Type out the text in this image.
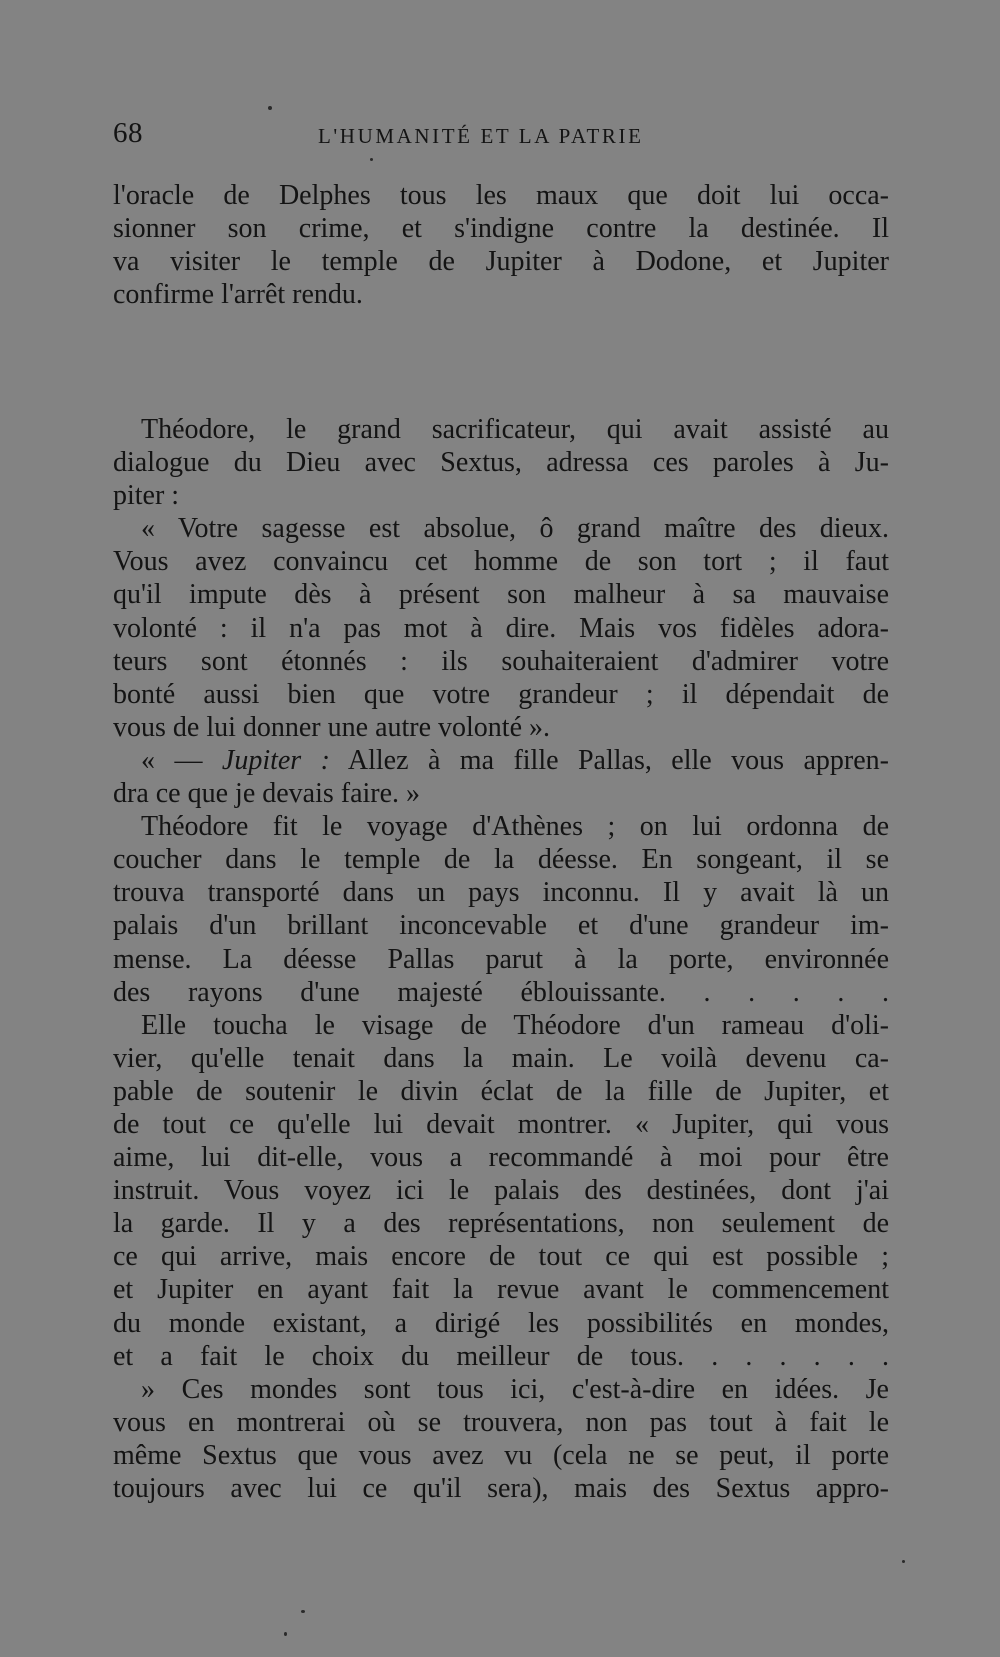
68	L'HUMANITÉ ET LA PATRIE
l'oracle de Delphes tous les maux que doit lui occa-
sionner son crime, et s'indigne contre la destinée. Il
va visiter le temple de Jupiter à Dodone, et Jupiter
confirme l'arrêt rendu.
Théodore, le grand sacrificateur, qui avait assisté au
dialogue du Dieu avec Sextus, adressa ces paroles à Ju-
piter :
« Votre sagesse est absolue, ô grand maître des dieux.
Vous avez convaincu cet homme de son tort ; il faut
qu'il impute dès à présent son malheur à sa mauvaise
volonté : il n'a pas mot à dire. Mais vos fidèles adora-
teurs sont étonnés : ils souhaiteraient d'admirer votre
bonté aussi bien que votre grandeur ; il dépendait de
vous de lui donner une autre volonté ».
« — Jupiter : Allez à ma fille Pallas, elle vous appren-
dra ce que je devais faire. »
Théodore fit le voyage d'Athènes ; on lui ordonna de
coucher dans le temple de la déesse. En songeant, il se
trouva transporté dans un pays inconnu. Il y avait là un
palais d'un brillant inconcevable et d'une grandeur im-
mense. La déesse Pallas parut à la porte, environnée
des rayons d'une majesté éblouissante. . . . . .
Elle toucha le visage de Théodore d'un rameau d'oli-
vier, qu'elle tenait dans la main. Le voilà devenu ca-
pable de soutenir le divin éclat de la fille de Jupiter, et
de tout ce qu'elle lui devait montrer. « Jupiter, qui vous
aime, lui dit-elle, vous a recommandé à moi pour être
instruit. Vous voyez ici le palais des destinées, dont j'ai
la garde. Il y a des représentations, non seulement de
ce qui arrive, mais encore de tout ce qui est possible ;
et Jupiter en ayant fait la revue avant le commencement
du monde existant, a dirigé les possibilités en mondes,
et a fait le choix du meilleur de tous. . . . . . .
» Ces mondes sont tous ici, c'est-à-dire en idées. Je
vous en montrerai où se trouvera, non pas tout à fait le
même Sextus que vous avez vu (cela ne se peut, il porte
toujours avec lui ce qu'il sera), mais des Sextus appro-
